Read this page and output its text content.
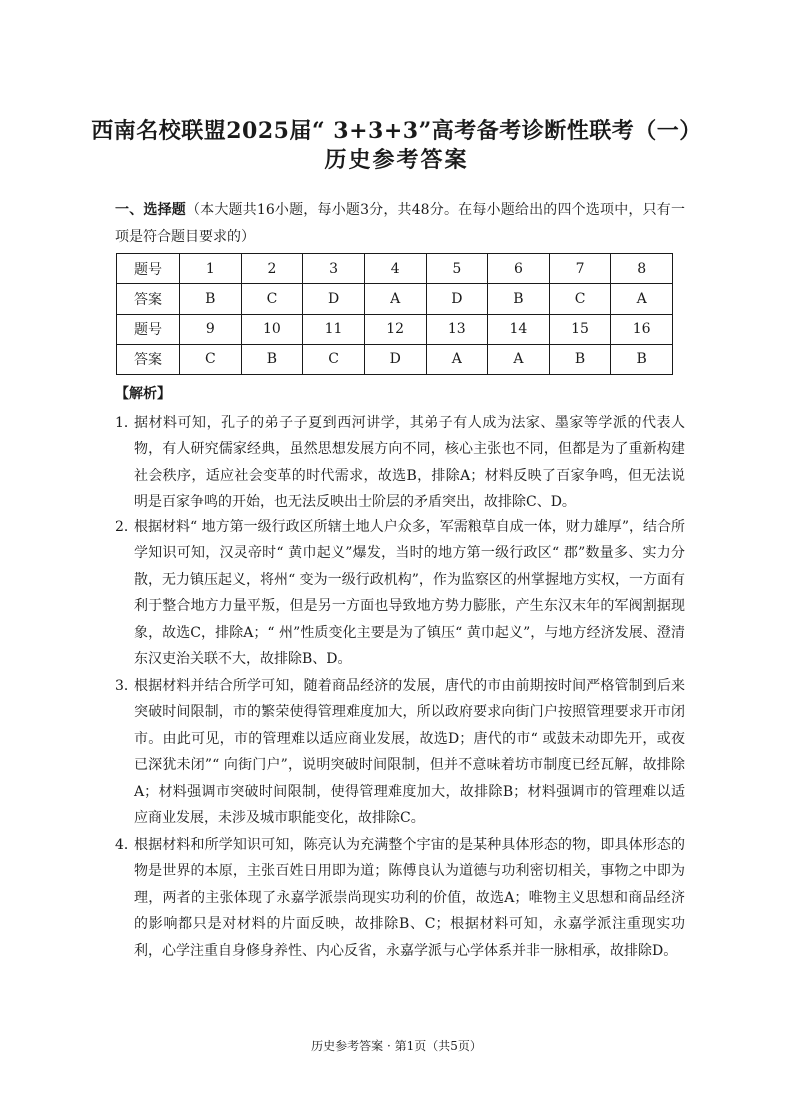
西南名校联盟2025届“ 3+3+3”高考备考诊断性联考（一）
历史参考答案
一、选择题（本大题共16小题，每小题3分，共48分。在每小题给出的四个选项中，只有一项是符合题目要求的）
题号	1	2	3	4	5	6	7	8
答案	B	C	D	A	D	B	C	A
题号	9	10	11	12	13	14	15	16
答案	C	B	C	D	A	A	B	B
【解析】
1．
据材料可知，孔子的弟子子夏到西河讲学，其弟子有人成为法家、墨家等学派的代表人物，有人研究儒家经典，虽然思想发展方向不同，核心主张也不同，但都是为了重新构建社会秩序，适应社会变革的时代需求，故选B，排除A；材料反映了百家争鸣，但无法说明是百家争鸣的开始，也无法反映出士阶层的矛盾突出，故排除C、D。
2．
根据材料“ 地方第一级行政区所辖土地人户众多，军需粮草自成一体，财力雄厚”，结合所学知识可知，汉灵帝时“ 黄巾起义”爆发，当时的地方第一级行政区“ 郡”数量多、实力分散，无力镇压起义，将州“ 变为一级行政机构”，作为监察区的州掌握地方实权，一方面有利于整合地方力量平叛，但是另一方面也导致地方势力膨胀，产生东汉末年的军阀割据现象，故选C，排除A；“ 州”性质变化主要是为了镇压“ 黄巾起义”，与地方经济发展、澄清东汉吏治关联不大，故排除B、D。
3．
根据材料并结合所学可知，随着商品经济的发展，唐代的市由前期按时间严格管制到后来突破时间限制，市的繁荣使得管理难度加大，所以政府要求向街门户按照管理要求开市闭市。由此可见，市的管理难以适应商业发展，故选D；唐代的市“ 或鼓未动即先开，或夜已深犹未闭”“ 向街门户”，说明突破时间限制，但并不意味着坊市制度已经瓦解，故排除A；材料强调市突破时间限制，使得管理难度加大，故排除B；材料强调市的管理难以适应商业发展，未涉及城市职能变化，故排除C。
4．
根据材料和所学知识可知，陈亮认为充满整个宇宙的是某种具体形态的物，即具体形态的物是世界的本原，主张百姓日用即为道；陈傅良认为道德与功利密切相关，事物之中即为理，两者的主张体现了永嘉学派崇尚现实功利的价值，故选A；唯物主义思想和商品经济的影响都只是对材料的片面反映，故排除B、C；根据材料可知，永嘉学派注重现实功利，心学注重自身修身养性、内心反省，永嘉学派与心学体系并非一脉相承，故排除D。
历史参考答案 · 第1页（共5页）
